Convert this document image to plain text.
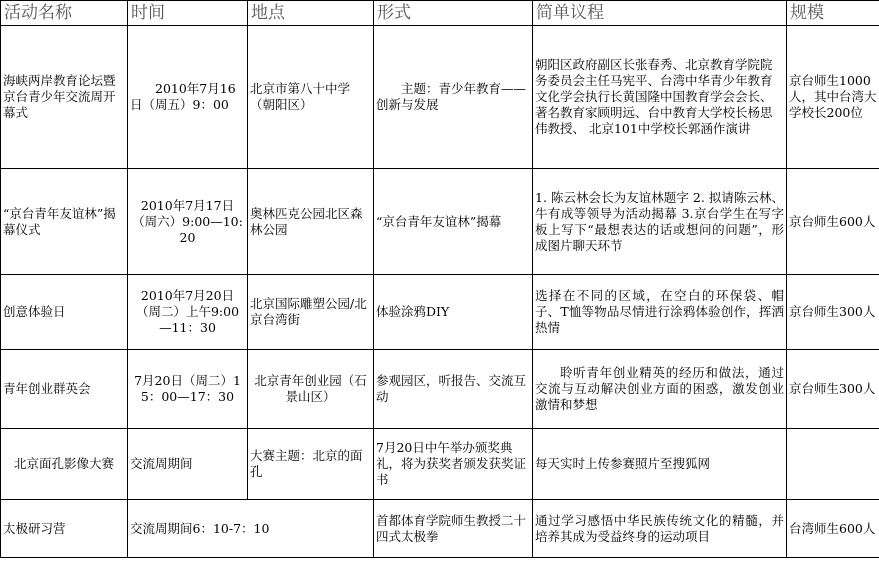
活动名称	时间	地点	形式	简单议程	规模
海峡两岸教育论坛暨京台青少年交流周开幕式	2010年7月16日（周五）9：00	北京市第八十中学（朝阳区）	主题：青少年教育——创新与发展	朝阳区政府副区长张春秀、北京教育学院院务委员会主任马宪平、台湾中华青少年教育文化学会执行长黄国隆中国教育学会会长、著名教育家顾明远、台中教育大学校长杨思伟教授、 北京101中学校长郭涵作演讲	京台师生1000人，其中台湾大学校长200位
“京台青年友谊林”揭幕仪式	2010年7月17日（周六）9:00—10:20	奥林匹克公园北区森林公园	“京台青年友谊林”揭幕	1. 陈云林会长为友谊林题字 2. 拟请陈云林、牛有成等领导为活动揭幕 3.京台学生在写字板上写下“最想表达的话或想问的问题”，形成图片聊天环节	京台师生600人
创意体验日	2010年7月20日（周二）上午9:00—11：30	北京国际雕塑公园/北京台湾街	体验涂鸦DIY	选择在不同的区域，在空白的环保袋、帽子、T恤等物品尽情进行涂鸦体验创作，挥洒热情	京台师生300人
青年创业群英会	7月20日（周二）15：00—17：30	北京青年创业园（石景山区）	参观园区，听报告、交流互动	聆听青年创业精英的经历和做法，通过交流与互动解决创业方面的困惑，激发创业激情和梦想	京台师生300人
北京面孔影像大赛	交流周期间	大赛主题：北京的面孔	7月20日中午举办颁奖典礼，将为获奖者颁发获奖证书	每天实时上传参赛照片至搜狐网	
太极研习营	交流周期间6：10-7：10		首都体育学院师生教授二十四式太极拳	通过学习感悟中华民族传统文化的精髓，并培养其成为受益终身的运动项目	台湾师生600人
